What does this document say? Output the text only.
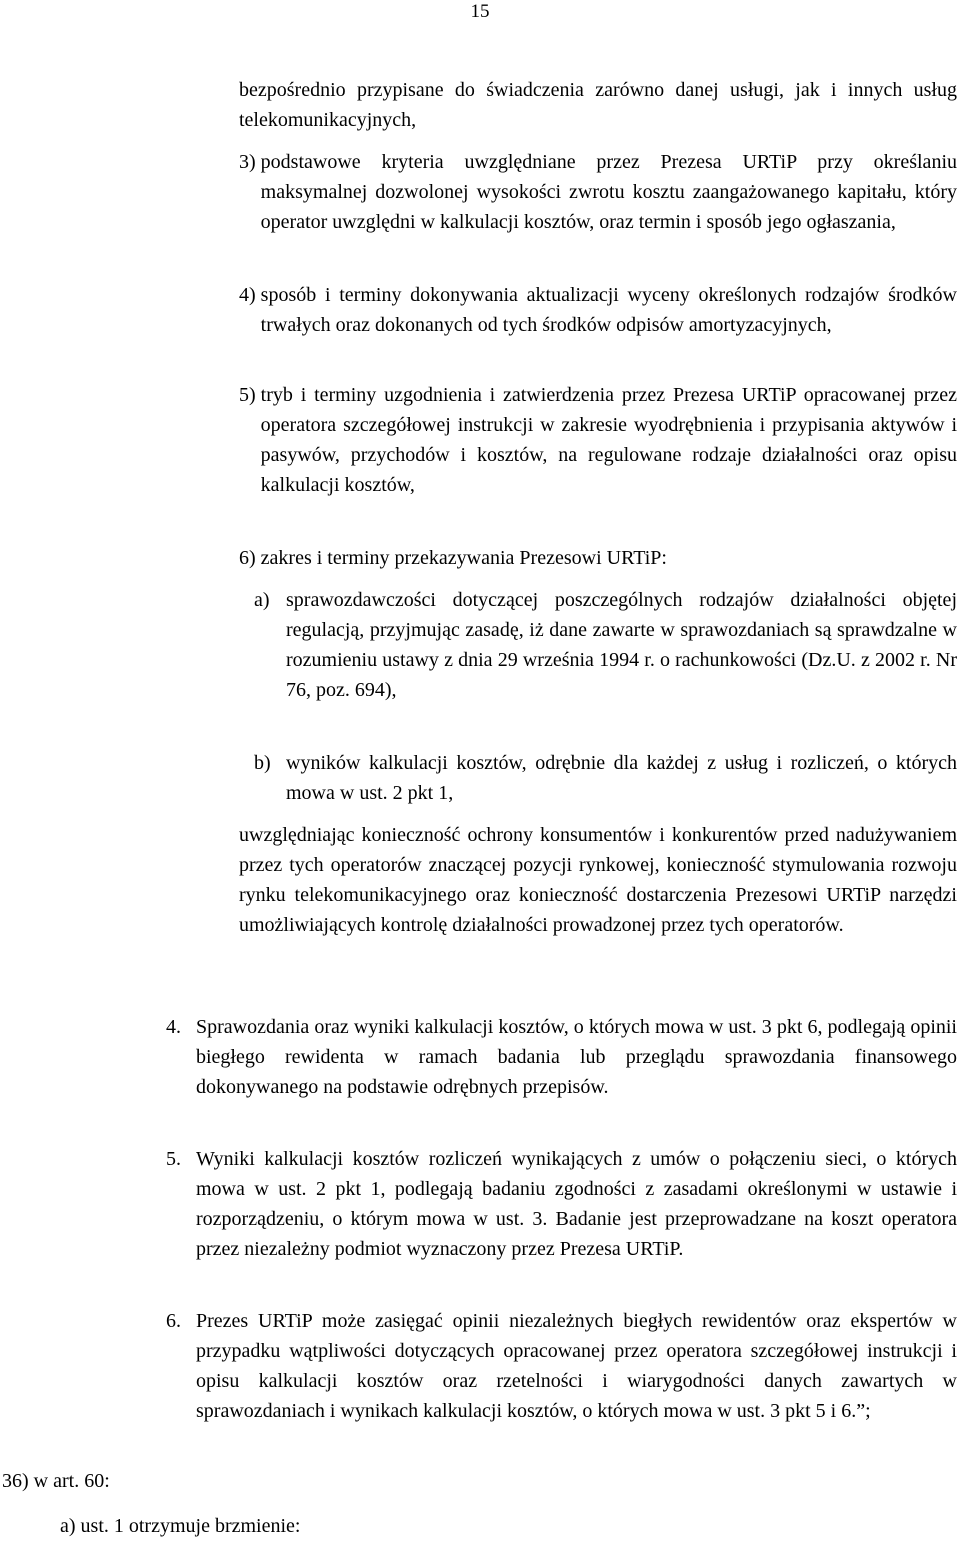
15

bezpośrednio przypisane do świadczenia zarówno danej usługi, jak i innych usług telekomunikacyjnych,

3) podstawowe kryteria uwzględniane przez Prezesa URTiP przy określaniu maksymalnej dozwolonej wysokości zwrotu kosztu zaangażowanego kapitału, który operator uwzględni w kalkulacji kosztów, oraz termin i sposób jego ogłaszania,
4) sposób i terminy dokonywania aktualizacji wyceny określonych rodzajów środków trwałych oraz dokonanych od tych środków odpisów amortyzacyjnych,
5) tryb i terminy uzgodnienia i zatwierdzenia przez Prezesa URTiP opracowanej przez operatora szczegółowej instrukcji w zakresie wyodrębnienia i przypisania aktywów i pasywów, przychodów i kosztów, na regulowane rodzaje działalności oraz opisu kalkulacji kosztów,
6) zakres i terminy przekazywania Prezesowi URTiP:
a) sprawozdawczości dotyczącej poszczególnych rodzajów działalności objętej regulacją, przyjmując zasadę, iż dane zawarte w sprawozdaniach są sprawdzalne w rozumieniu ustawy z dnia 29 września 1994 r. o rachunkowości (Dz.U. z 2002 r. Nr 76, poz. 694),
b) wyników kalkulacji kosztów, odrębnie dla każdej z usług i rozliczeń, o których mowa w ust. 2 pkt 1,

uwzględniając konieczność ochrony konsumentów i konkurentów przed nadużywaniem przez tych operatorów znaczącej pozycji rynkowej, konieczność stymulowania rozwoju rynku telekomunikacyjnego oraz konieczność dostarczenia Prezesowi URTiP narzędzi umożliwiających kontrolę działalności prowadzonej przez tych operatorów.

4. Sprawozdania oraz wyniki kalkulacji kosztów, o których mowa w ust. 3 pkt 6, podlegają opinii biegłego rewidenta w ramach badania lub przeglądu sprawozdania finansowego dokonywanego na podstawie odrębnych przepisów.
5. Wyniki kalkulacji kosztów rozliczeń wynikających z umów o połączeniu sieci, o których mowa w ust. 2 pkt 1, podlegają badaniu zgodności z zasadami określonymi w ustawie i rozporządzeniu, o którym mowa w ust. 3. Badanie jest przeprowadzane na koszt operatora przez niezależny podmiot wyznaczony przez Prezesa URTiP.
6. Prezes URTiP może zasięgać opinii niezależnych biegłych rewidentów oraz ekspertów w przypadku wątpliwości dotyczących opracowanej przez operatora szczegółowej instrukcji i opisu kalkulacji kosztów oraz rzetelności i wiarygodności danych zawartych w sprawozdaniach i wynikach kalkulacji kosztów, o których mowa w ust. 3 pkt 5 i 6.”;

36) w art. 60:

a) ust. 1 otrzymuje brzmienie:
